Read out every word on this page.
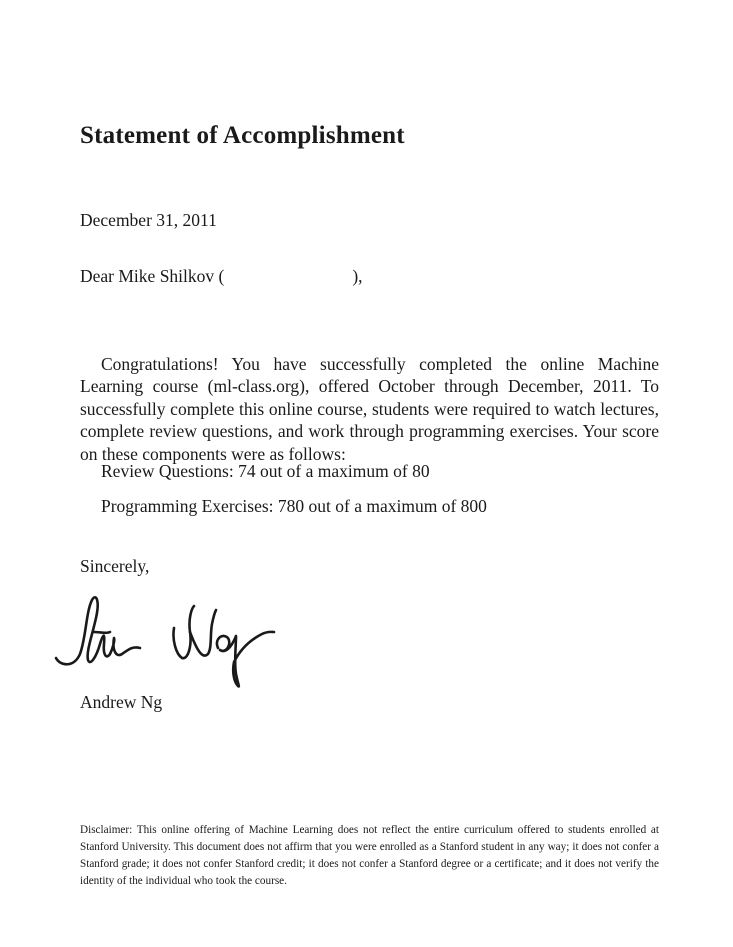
Statement of Accomplishment
December 31, 2011
Dear Mike Shilkov (	),

Congratulations! You have successfully completed the online Machine Learning course (ml-class.org), offered October through December, 2011. To successfully complete this online course, students were required to watch lectures, complete review questions, and work through programming exercises. Your score on these components were as follows:

Review Questions: 74 out of a maximum of 80
Programming Exercises: 780 out of a maximum of 800
Sincerely,
Andrew Ng

Disclaimer: This online offering of Machine Learning does not reflect the entire curriculum offered to students enrolled at Stanford University. This document does not affirm that you were enrolled as a Stanford student in any way; it does not confer a Stanford grade; it does not confer Stanford credit; it does not confer a Stanford degree or a certificate; and it does not verify the identity of the individual who took the course.
